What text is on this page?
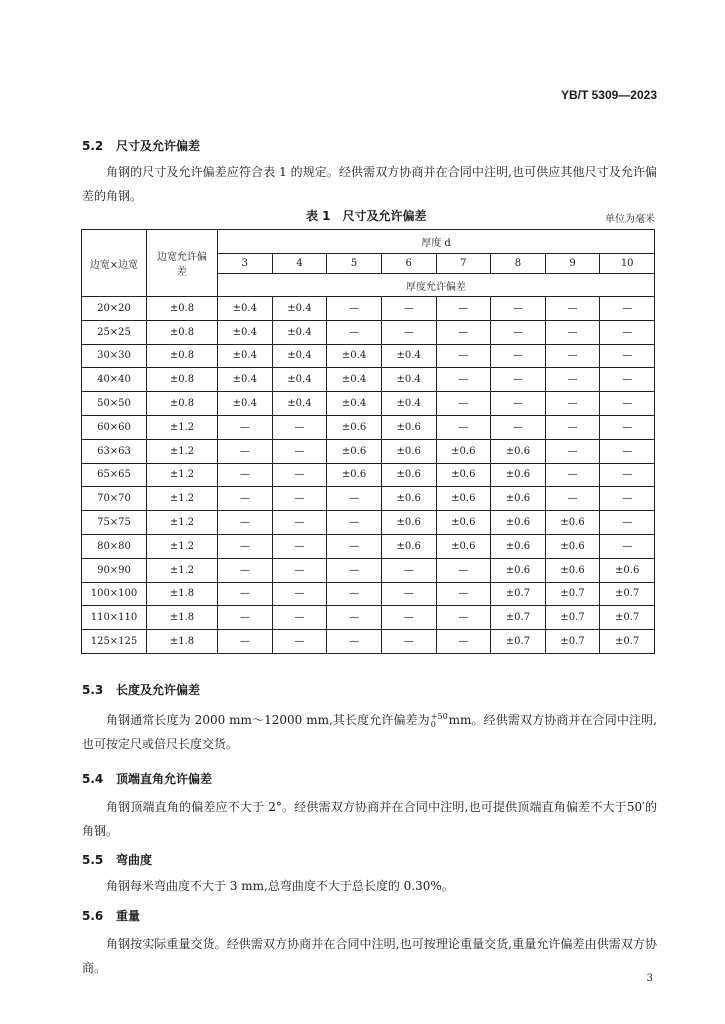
YB/T 5309—2023
5.2 尺寸及允许偏差
角钢的尺寸及允许偏差应符合表 1 的规定。经供需双方协商并在合同中注明,也可供应其他尺寸及允许偏差的角钢。
表 1　尺寸及允许偏差	单位为毫米
边宽×边宽	边宽允许偏差	厚度 d							
		3	4	5	6	7	8	9	10
		厚度允许偏差							
20×20	±0.8	±0.4	±0.4	—	—	—	—	—	—
25×25	±0.8	±0.4	±0.4	—	—	—	—	—	—
30×30	±0.8	±0.4	±0.4	±0.4	±0.4	—	—	—	—
40×40	±0.8	±0.4	±0.4	±0.4	±0.4	—	—	—	—
50×50	±0.8	±0.4	±0.4	±0.4	±0.4	—	—	—	—
60×60	±1.2	—	—	±0.6	±0.6	—	—	—	—
63×63	±1.2	—	—	±0.6	±0.6	±0.6	±0.6	—	—
65×65	±1.2	—	—	±0.6	±0.6	±0.6	±0.6	—	—
70×70	±1.2	—	—	—	±0.6	±0.6	±0.6	—	—
75×75	±1.2	—	—	—	±0.6	±0.6	±0.6	±0.6	—
80×80	±1.2	—	—	—	±0.6	±0.6	±0.6	±0.6	—
90×90	±1.2	—	—	—	—	—	±0.6	±0.6	±0.6
100×100	±1.8	—	—	—	—	—	±0.7	±0.7	±0.7
110×110	±1.8	—	—	—	—	—	±0.7	±0.7	±0.7
125×125	±1.8	—	—	—	—	—	±0.7	±0.7	±0.7
5.3 长度及允许偏差
角钢通常长度为 2000 mm～12000 mm,其长度允许偏差为 +50
0	mm。经供需双方协商并在合同中注明,也可按定尺或倍尺长度交货。
5.4 顶端直角允许偏差
角钢顶端直角的偏差应不大于 2°。经供需双方协商并在合同中注明,也可提供顶端直角偏差不大于50′的角钢。
5.5 弯曲度
角钢每米弯曲度不大于 3 mm,总弯曲度不大于总长度的 0.30%。
5.6 重量
角钢按实际重量交货。经供需双方协商并在合同中注明,也可按理论重量交货,重量允许偏差由供需双方协商。
3
